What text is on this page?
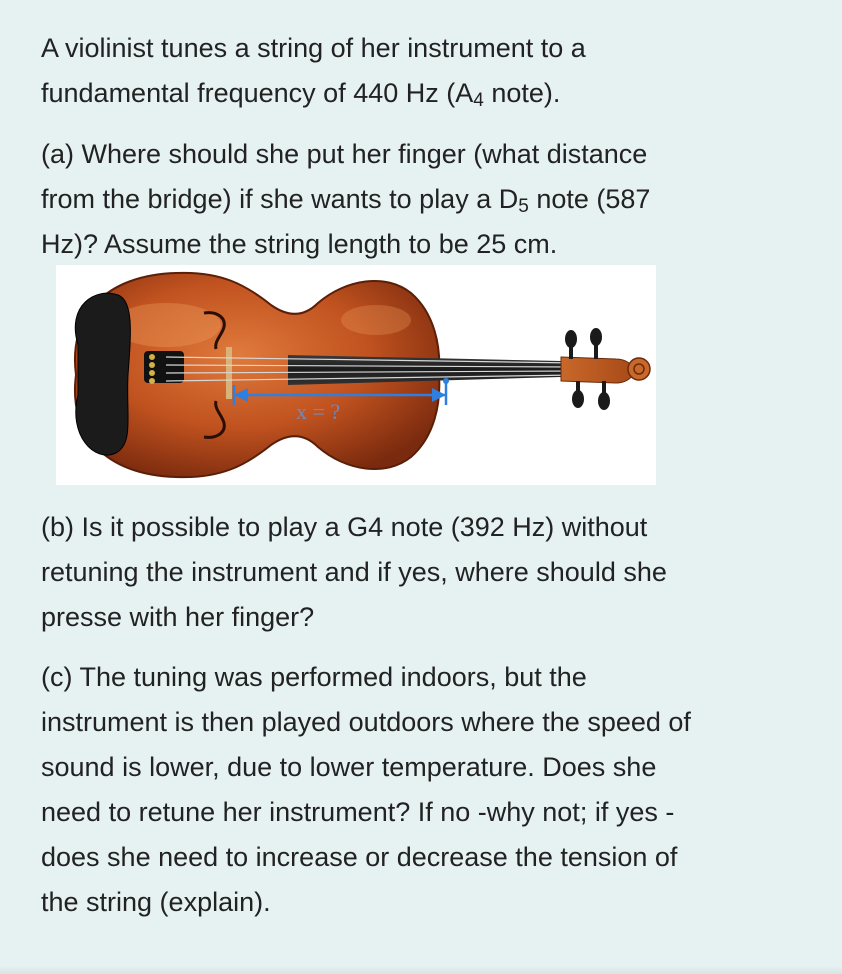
A violinist tunes a string of her instrument to a
fundamental frequency of 440 Hz ($A_4$ note).

(a) Where should she put her finger (what distance
from the bridge) if she wants to play a $D_5$ note (587
Hz)? Assume the string length to be 25 cm.

x = ?

(b) Is it possible to play a G4 note (392 Hz) without
retuning the instrument and if yes, where should she
presse with her finger?

(c) The tuning was performed indoors, but the
instrument is then played outdoors where the speed of
sound is lower, due to lower temperature. Does she
need to retune her instrument? If no -why not; if yes -
does she need to increase or decrease the tension of
the string (explain).
